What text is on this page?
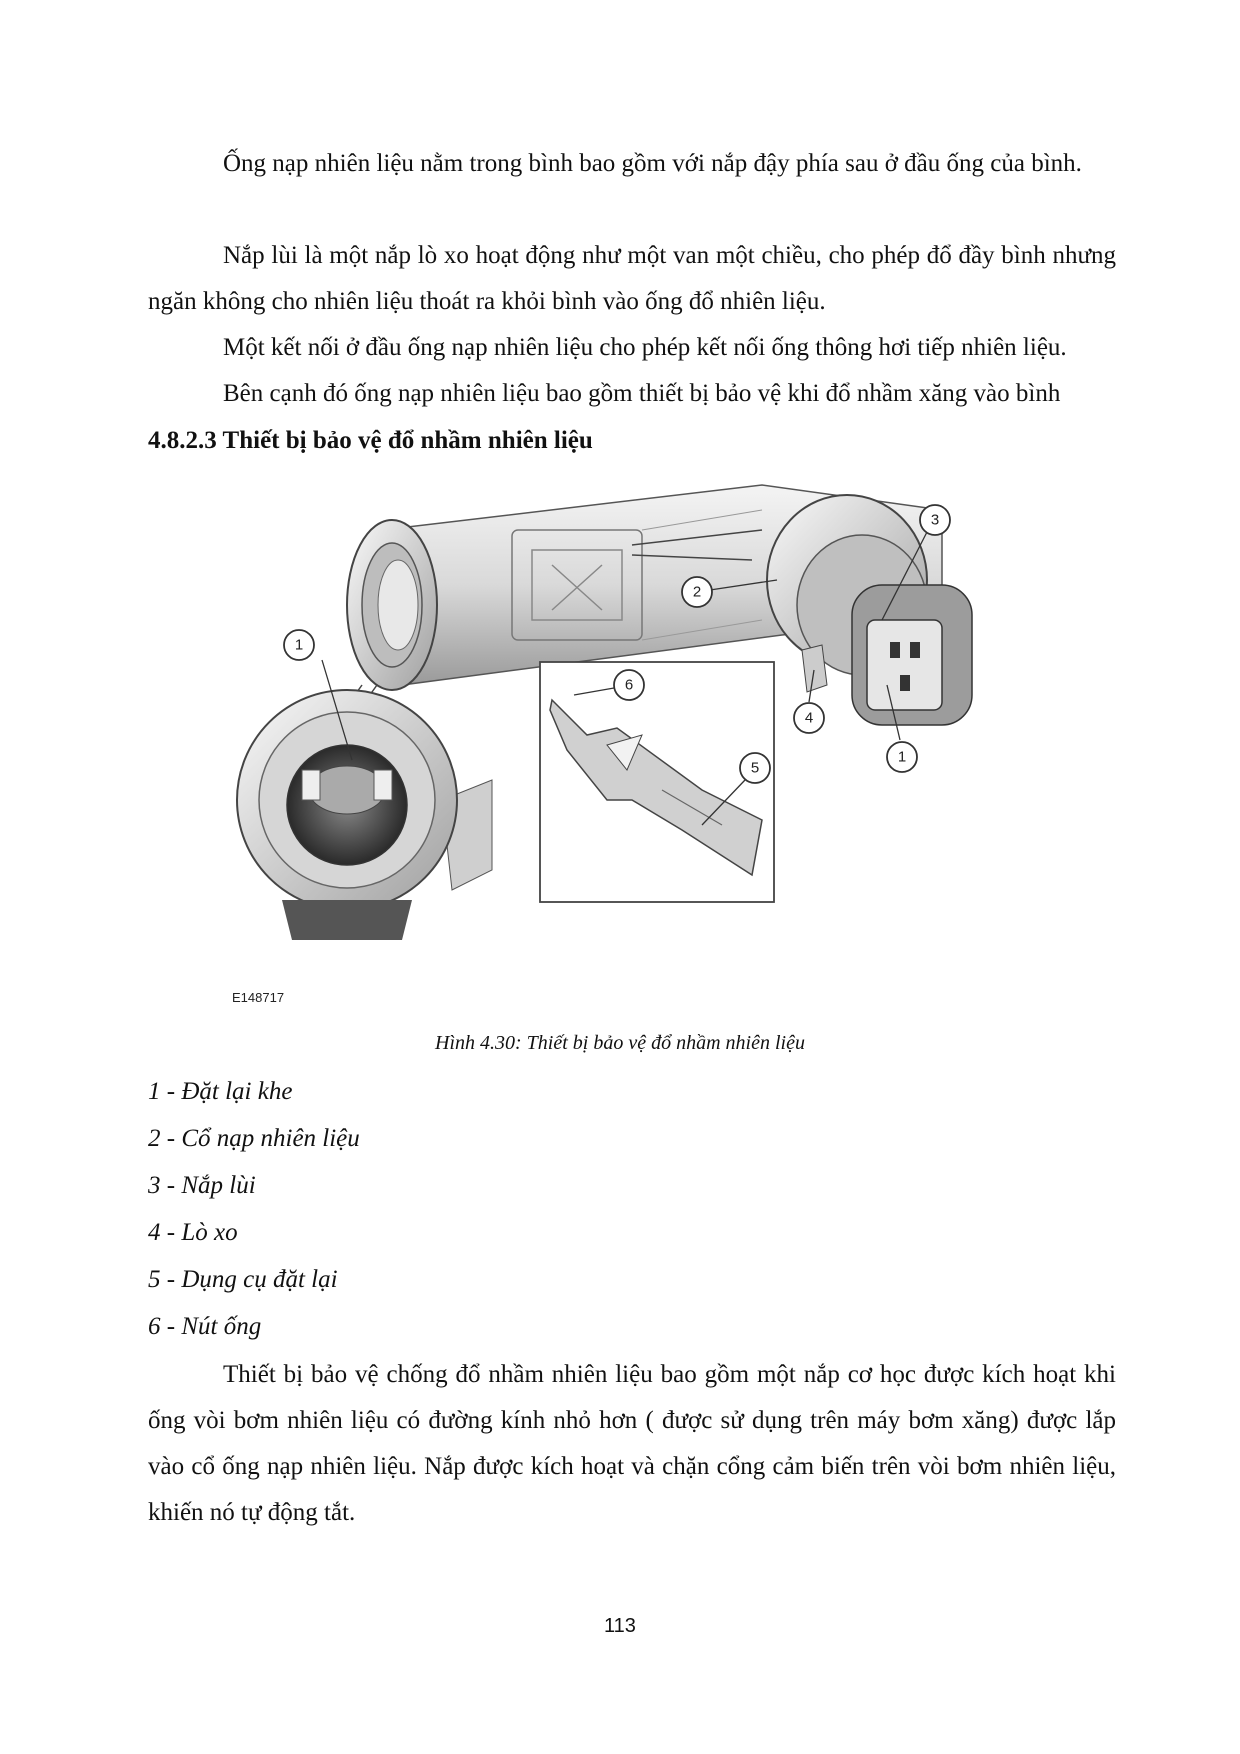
Ống nạp nhiên liệu nằm trong bình bao gồm với nắp đậy phía sau ở đầu ống của bình.

Nắp lùi là một nắp lò xo hoạt động như một van một chiều, cho phép đổ đầy bình nhưng ngăn không cho nhiên liệu thoát ra khỏi bình vào ống đổ nhiên liệu.

Một kết nối ở đầu ống nạp nhiên liệu cho phép kết nối ống thông hơi tiếp nhiên liệu.

Bên cạnh đó ống nạp nhiên liệu bao gồm thiết bị bảo vệ khi đổ nhầm xăng vào bình

4.8.2.3 Thiết bị bảo vệ đổ nhầm nhiên liệu
1
2
3
4
1
6
5
E148717

Hình 4.30: Thiết bị bảo vệ đổ nhầm nhiên liệu

1 - Đặt lại khe
2 - Cổ nạp nhiên liệu
3 - Nắp lùi
4 - Lò xo
5 - Dụng cụ đặt lại
6 - Nút ống

Thiết bị bảo vệ chống đổ nhầm nhiên liệu bao gồm một nắp cơ học được kích hoạt khi ống vòi bơm nhiên liệu có đường kính nhỏ hơn ( được sử dụng trên máy bơm xăng) được lắp vào cổ ống nạp nhiên liệu. Nắp được kích hoạt và chặn cổng cảm biến trên vòi bơm nhiên liệu, khiến nó tự động tắt.

113
